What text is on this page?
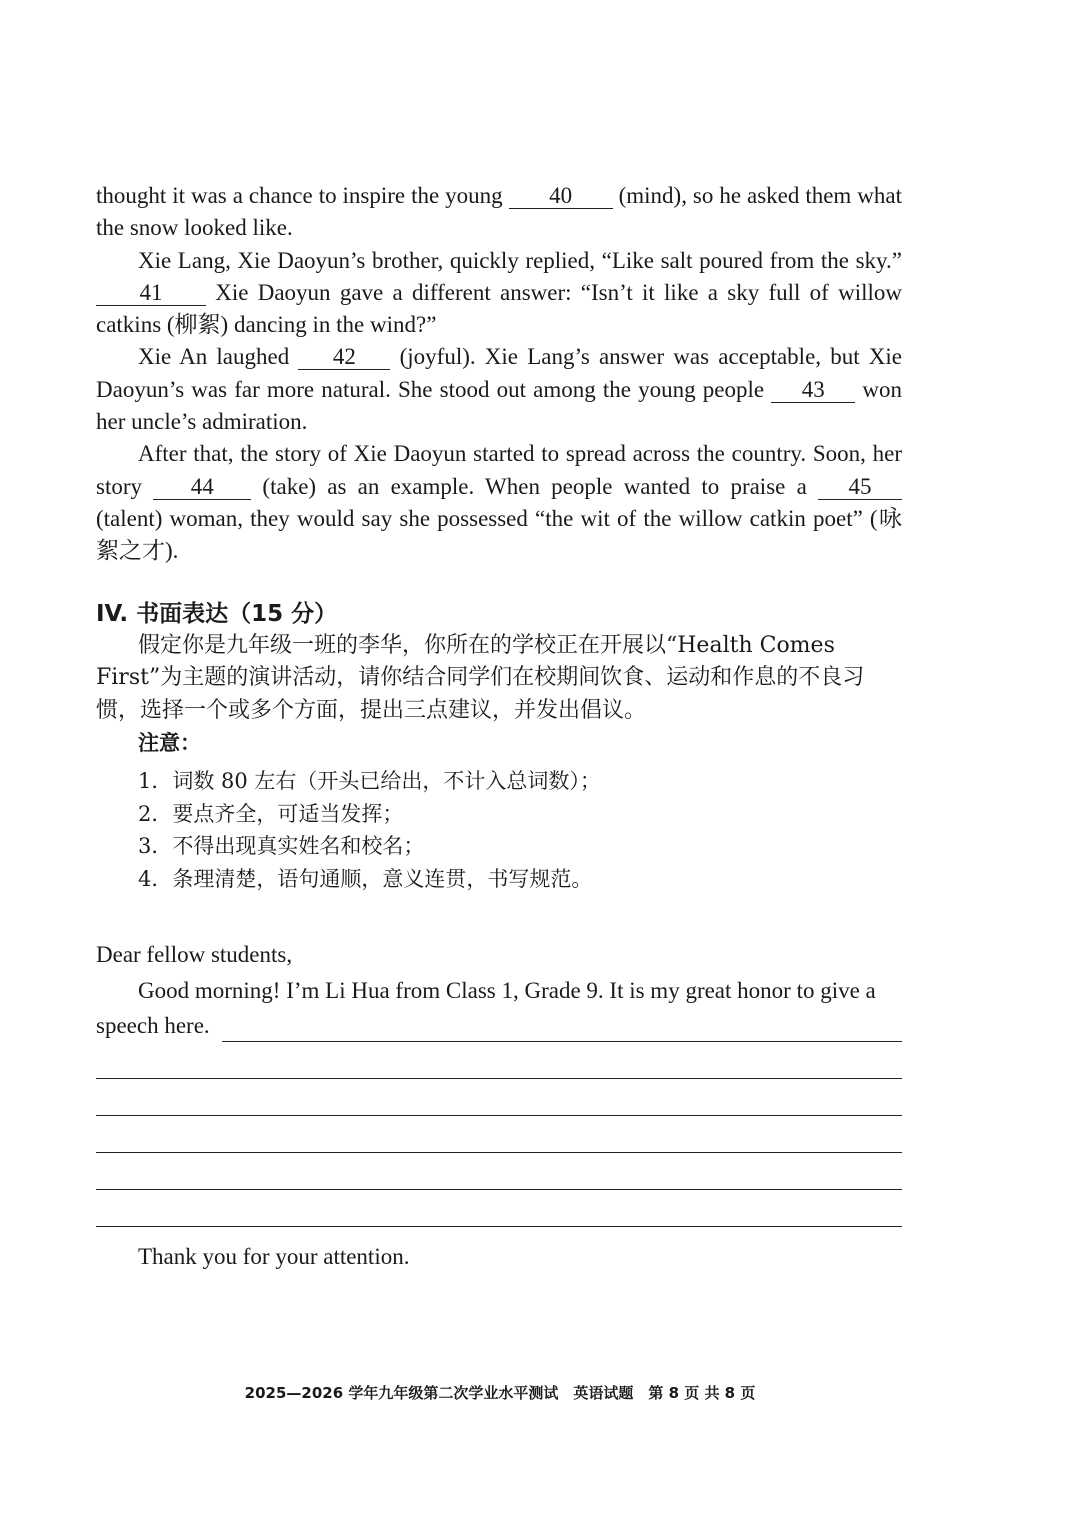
thought it was a chance to inspire the young 40 (mind), so he asked them what the snow looked like.

Xie Lang, Xie Daoyun’s brother, quickly replied, “Like salt poured from the sky.” 41 Xie Daoyun gave a different answer: “Isn’t it like a sky full of willow catkins (柳絮) dancing in the wind?”

Xie An laughed 42 (joyful). Xie Lang’s answer was acceptable, but Xie Daoyun’s was far more natural. She stood out among the young people 43 won her uncle’s admiration.

After that, the story of Xie Daoyun started to spread across the country. Soon, her story 44 (take) as an example. When people wanted to praise a 45 (talent) woman, they would say she possessed “the wit of the willow catkin poet” (咏絮之才).

IV. 书面表达（15 分）

假定你是九年级一班的李华，你所在的学校正在开展以“Health Comes First”为主题的演讲活动，请你结合同学们在校期间饮食、运动和作息的不良习惯，选择一个或多个方面，提出三点建议，并发出倡议。

注意：

1．词数 80 左右（开头已给出，不计入总词数）；
2．要点齐全，可适当发挥；
3．不得出现真实姓名和校名；
4．条理清楚，语句通顺，意义连贯，书写规范。

Dear fellow students,

Good morning! I’m Li Hua from Class 1, Grade 9. It is my great honor to give a

speech here.

Thank you for your attention.

2025—2026 学年九年级第二次学业水平测试　英语试题　第 8 页 共 8 页
